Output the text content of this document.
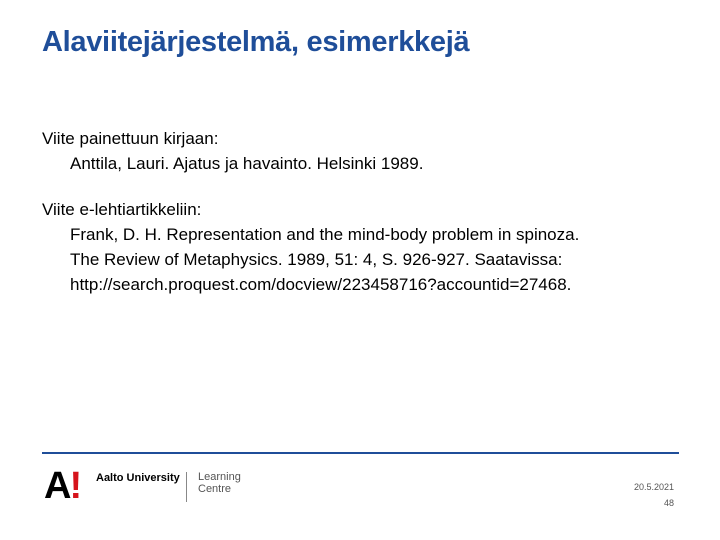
Alaviitejärjestelmä, esimerkkejä
Viite painettuun kirjaan:
Anttila, Lauri. Ajatus ja havainto. Helsinki 1989.
Viite e-lehtiartikkeliin:
Frank, D. H. Representation and the mind-body problem in spinoza.
The Review of Metaphysics. 1989, 51: 4, S. 926-927. Saatavissa:
http://search.proquest.com/docview/223458716?accountid=27468.
A! Aalto University Learning
Centre	20.5.2021
48
